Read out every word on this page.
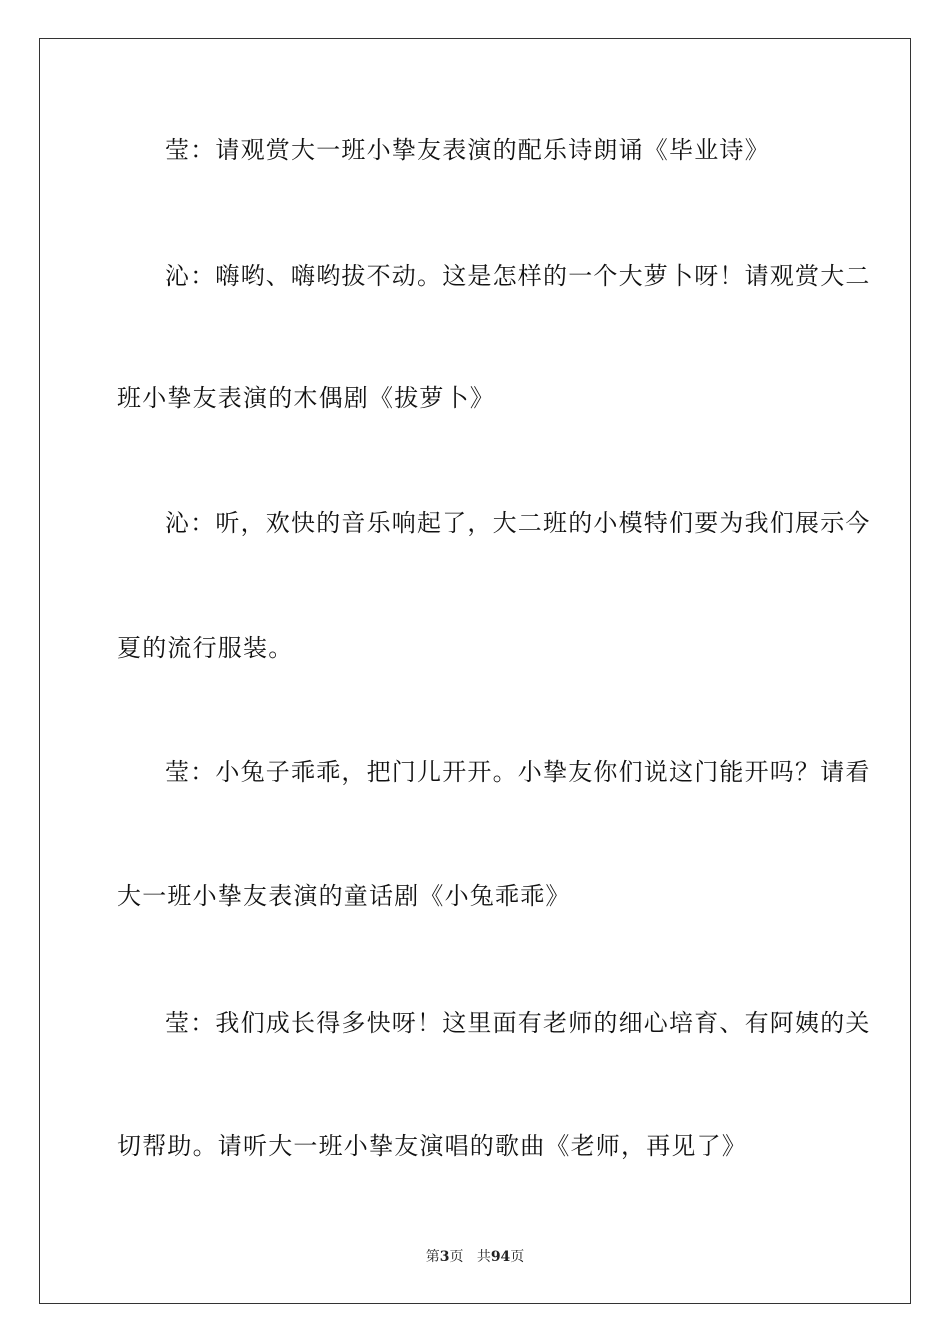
莹：请观赏大一班小挚友表演的配乐诗朗诵《毕业诗》
沁：嗨哟、嗨哟拔不动。这是怎样的一个大萝卜呀！请观赏大二
班小挚友表演的木偶剧《拔萝卜》
沁：听，欢快的音乐响起了，大二班的小模特们要为我们展示今
夏的流行服装。
莹：小兔子乖乖，把门儿开开。小挚友你们说这门能开吗？请看
大一班小挚友表演的童话剧《小兔乖乖》
莹：我们成长得多快呀！这里面有老师的细心培育、有阿姨的关
切帮助。请听大一班小挚友演唱的歌曲《老师，再见了》
第3页 共94页
